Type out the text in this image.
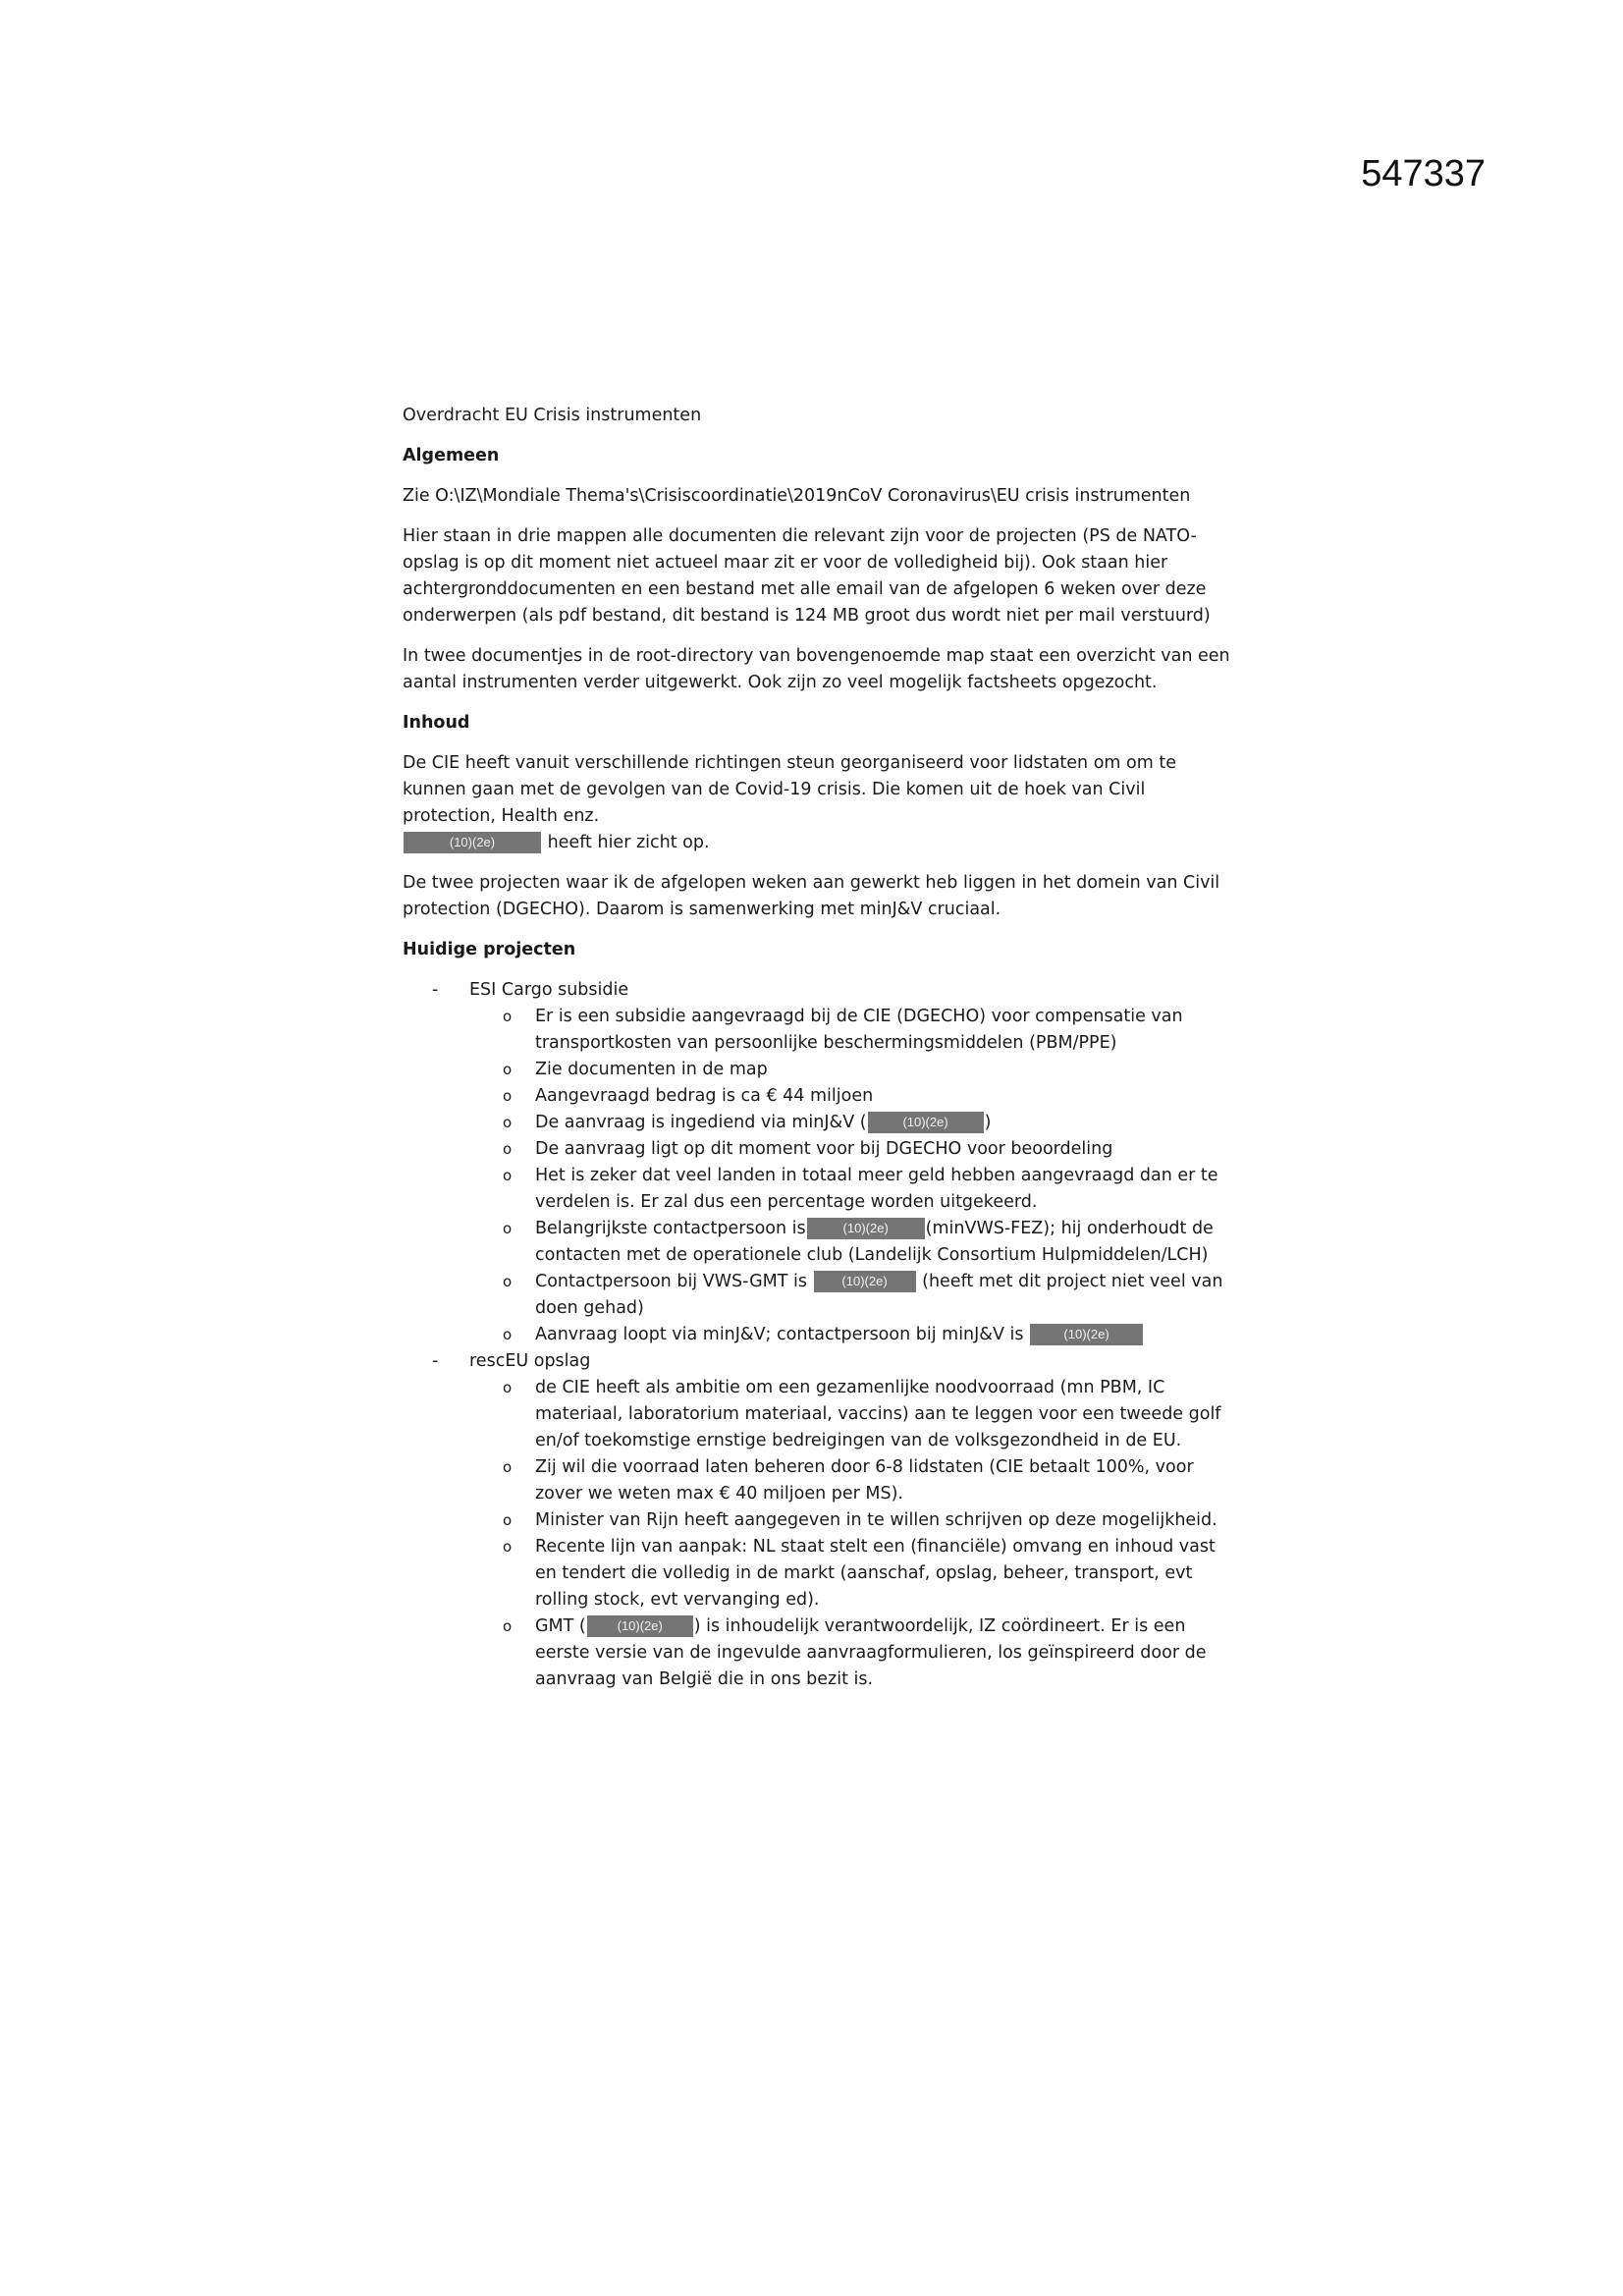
547337

Overdracht EU Crisis instrumenten

Algemeen

Zie O:\IZ\Mondiale Thema's\Crisiscoordinatie\2019nCoV Coronavirus\EU crisis instrumenten

Hier staan in drie mappen alle documenten die relevant zijn voor de projecten (PS de NATO-opslag is op dit moment niet actueel maar zit er voor de volledigheid bij). Ook staan hier achtergronddocumenten en een bestand met alle email van de afgelopen 6 weken over deze onderwerpen (als pdf bestand, dit bestand is 124 MB groot dus wordt niet per mail verstuurd)

In twee documentjes in de root-directory van bovengenoemde map staat een overzicht van een aantal instrumenten verder uitgewerkt. Ook zijn zo veel mogelijk factsheets opgezocht.

Inhoud

De CIE heeft vanuit verschillende richtingen steun georganiseerd voor lidstaten om om te kunnen gaan met de gevolgen van de Covid-19 crisis. Die komen uit de hoek van Civil protection, Health enz.
(10)(2e)	heeft hier zicht op.

De twee projecten waar ik de afgelopen weken aan gewerkt heb liggen in het domein van Civil protection (DGECHO). Daarom is samenwerking met minJ&V cruciaal.

Huidige projecten

- ESI Cargo subsidie
o Er is een subsidie aangevraagd bij de CIE (DGECHO) voor compensatie van transportkosten van persoonlijke beschermingsmiddelen (PBM/PPE)
o Zie documenten in de map
o Aangevraagd bedrag is ca € 44 miljoen
o De aanvraag is ingediend via minJ&V (	(10)(2e) )
o De aanvraag ligt op dit moment voor bij DGECHO voor beoordeling
o Het is zeker dat veel landen in totaal meer geld hebben aangevraagd dan er te verdelen is. Er zal dus een percentage worden uitgekeerd.
o Belangrijkste contactpersoon is	(10)(2e) (minVWS-FEZ); hij onderhoudt de contacten met de operationele club (Landelijk Consortium Hulpmiddelen/LCH)
o Contactpersoon bij VWS-GMT is	(10)(2e) (heeft met dit project niet veel van doen gehad)
o Aanvraag loopt via minJ&V; contactpersoon bij minJ&V is	(10)(2e)
- rescEU opslag
o de CIE heeft als ambitie om een gezamenlijke noodvoorraad (mn PBM, IC materiaal, laboratorium materiaal, vaccins) aan te leggen voor een tweede golf en/of toekomstige ernstige bedreigingen van de volksgezondheid in de EU.
o Zij wil die voorraad laten beheren door 6-8 lidstaten (CIE betaalt 100%, voor zover we weten max € 40 miljoen per MS).
o Minister van Rijn heeft aangegeven in te willen schrijven op deze mogelijkheid.
o Recente lijn van aanpak: NL staat stelt een (financiële) omvang en inhoud vast en tendert die volledig in de markt (aanschaf, opslag, beheer, transport, evt rolling stock, evt vervanging ed).
o GMT ( (10)(2e) ) is inhoudelijk verantwoordelijk, IZ coördineert. Er is een eerste versie van de ingevulde aanvraagformulieren, los geïnspireerd door de aanvraag van België die in ons bezit is.
